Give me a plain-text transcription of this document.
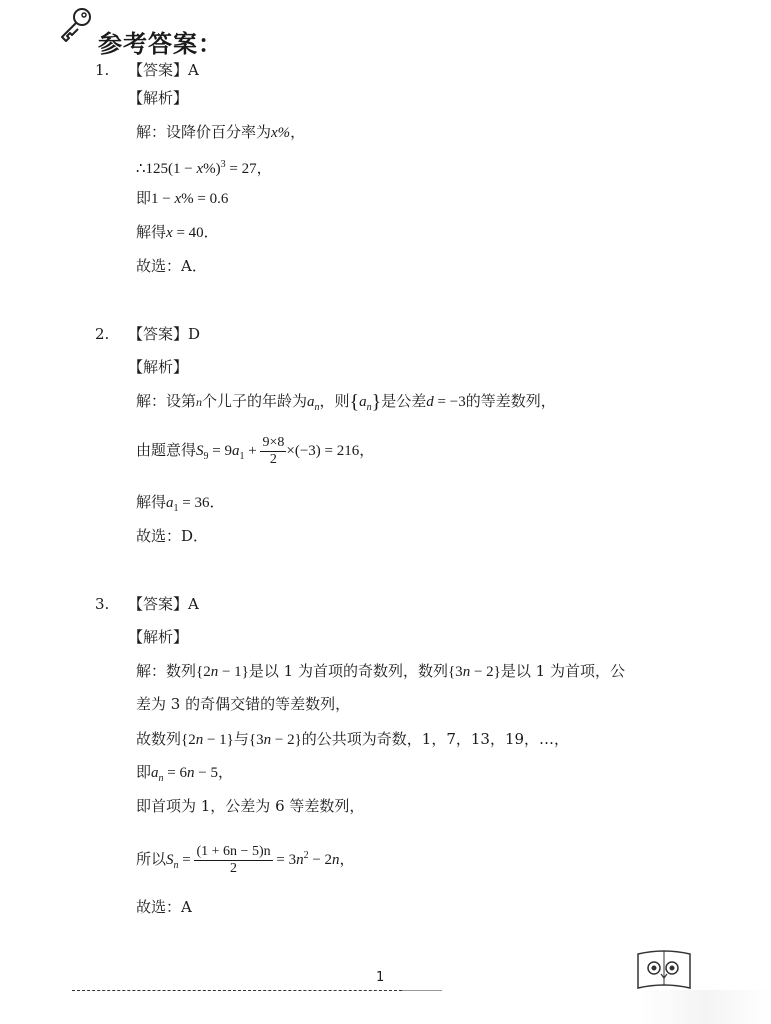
参考答案：
1. 【答案】A
【解析】
解：设降价百分率为x%，
∴125(1 − x%)$^3$ = 27，
即1 − x% = 0.6
解得x = 40．
故选：A．
2. 【答案】D
【解析】
解：设第n个儿子的年龄为$a_n$，则$\{a_n\}$是公差d = −3的等差数列，
由题意得$S_9 = 9a_1 + \frac{9\times 8}{2} \times(-3) = 216$，
解得$a_1 = 36$．
故选：D．
3. 【答案】A
【解析】
解：数列{2n − 1}是以 1 为首项的奇数列，数列{3n − 2}是以 1 为首项，公
差为 3 的奇偶交错的等差数列，
故数列{2n − 1}与{3n − 2}的公共项为奇数，1，7，13，19，…，
即$a_n = 6n - 5$，
即首项为 1，公差为 6 等差数列，
所以$S_n = \frac{(1 + 6n - 5)n}{2} = 3n^2 - 2n$，
故选：A
1
